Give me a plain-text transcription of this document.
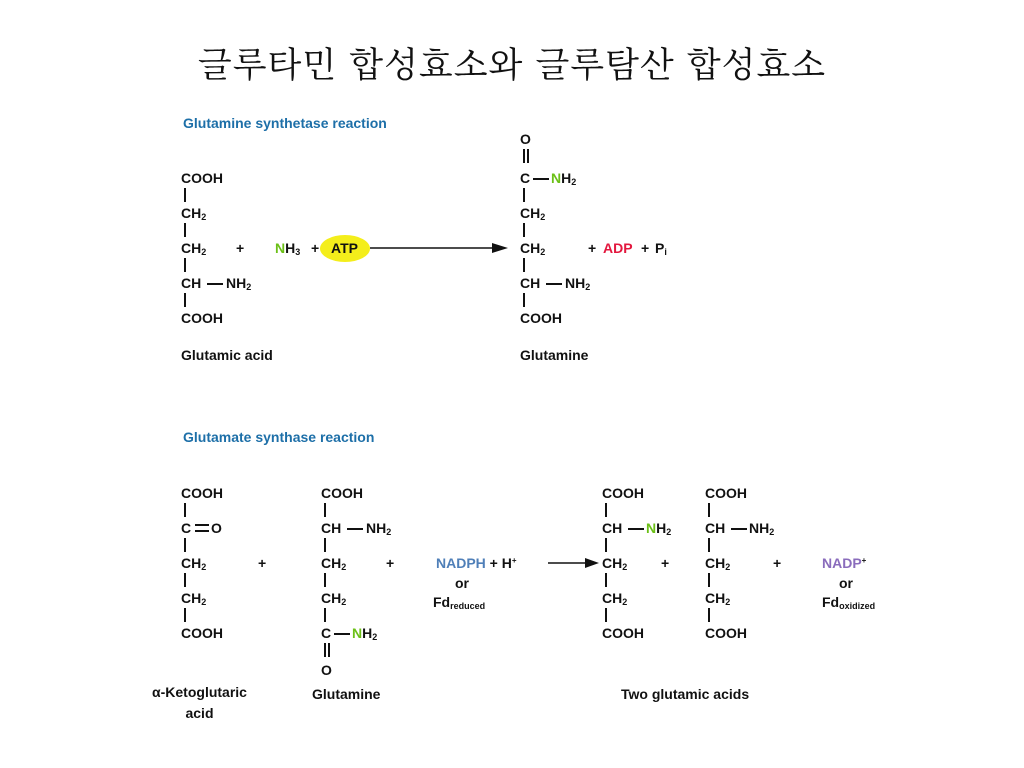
글루타민 합성효소와 글루탐산 합성효소
Glutamine synthetase reaction
COOH
$CH_2$
$CH_2$
CH $NH_2$
COOH
Glutamic acid
+ $NH_3$ + ATP
O
C $NH_2$
$CH_2$
$CH_2$
CH $NH_2$
COOH
Glutamine
+ ADP + $P_i$
Glutamate synthase reaction
COOH
C O
$CH_2$
$CH_2$
COOH
α-Ketoglutaric
acid
+
COOH
CH $NH_2$
$CH_2$
$CH_2$
C $NH_2$
O
Glutamine
+	NADPH + H+
or
$Fd_{reduced}$
COOH
CH $NH_2$
$CH_2$
$CH_2$
COOH
+
COOH
CH $NH_2$
$CH_2$
$CH_2$
COOH
Two glutamic acids
+	NADP+
or
$Fd_{oxidized}$
